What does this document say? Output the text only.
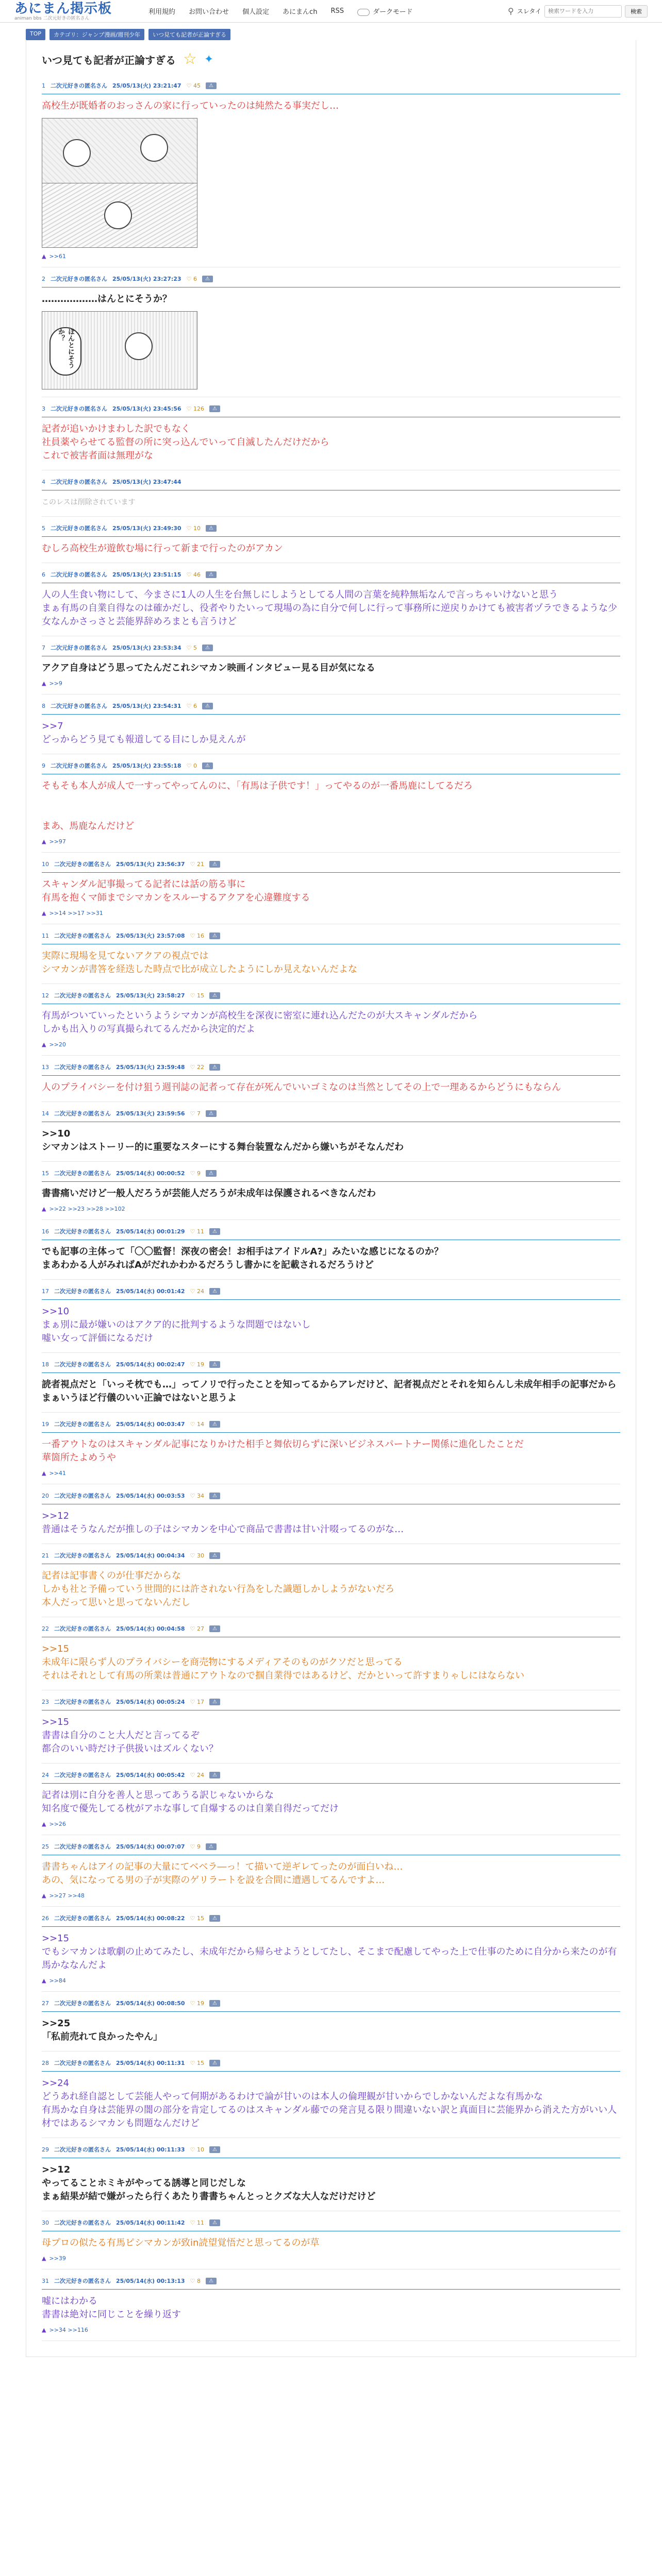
あにまん掲示板
animan bbs 二次元好きの匿名さん
利用規約 お問い合わせ 個人設定 あにまんch RSS	ダークモード	⚲ スレタイ
検索ワードを入力	検索
TOP	カテゴリ：ジャンプ漫画/週刊少年	いつ見ても記者が正論すぎる
いつ見ても記者が正論すぎる ☆ ✦
1 二次元好きの匿名さん 25/05/13(火) 23:21:47 ♡ 45	⚠
高校生が既婚者のおっさんの家に行っていったのは純然たる事実だし…
▲ >>61
2 二次元好きの匿名さん 25/05/13(火) 23:27:23 ♡ 6	⚠
………………はんとにそうか？
ほんとにそうか？
3 二次元好きの匿名さん 25/05/13(火) 23:45:56 ♡ 126	⚠
記者が追いかけまわした訳でもなく
社員薬やらせてる監督の所に突っ込んでいって自滅したんだけだから
これで被害者面は無理がな
4 二次元好きの匿名さん 25/05/13(火) 23:47:44
このレスは削除されています
5 二次元好きの匿名さん 25/05/13(火) 23:49:30 ♡ 10	⚠
むしろ高校生が遊飲む場に行って新まで行ったのがアカン
6 二次元好きの匿名さん 25/05/13(火) 23:51:15 ♡ 46	⚠
人の人生食い物にして、今まさに1人の人生を台無しにしようとしてる人間の言葉を純粋無垢なんで言っちゃいけないと思う
まぁ有馬の自業自得なのは確かだし、役者やりたいって現場の為に自分で何しに行って事務所に逆戻りかけても被害者ヅラできるような少女なんかさっさと芸能界辞めろまとも言うけど
7 二次元好きの匿名さん 25/05/13(火) 23:53:34 ♡ 5	⚠
アクア自身はどう思ってたんだこれシマカン映画インタビュー見る目が気になる
▲ >>9
8 二次元好きの匿名さん 25/05/13(火) 23:54:31 ♡ 6	⚠
>>7
どっからどう見ても報道してる目にしか見えんが
9 二次元好きの匿名さん 25/05/13(火) 23:55:18 ♡ 0	⚠
そもそも本人が成人で一すってやってんのに、「有馬は子供です！」ってやるのが一番馬鹿にしてるだろ

まあ、馬鹿なんだけど
▲ >>97
10 二次元好きの匿名さん 25/05/13(火) 23:56:37 ♡ 21	⚠
スキャンダル記事撮ってる記者には話の筋る事に
有馬を抱くマ師までシマカンをスルーするアクアを心違難度する
▲ >>14 >>17 >>31
11 二次元好きの匿名さん 25/05/13(火) 23:57:08 ♡ 16	⚠
実際に現場を見てないアクアの視点では
シマカンが書答を経迭した時点で比が成立したようにしか見えないんだよな
12 二次元好きの匿名さん 25/05/13(火) 23:58:27 ♡ 15	⚠
有馬がついていったというようシマカンが高校生を深夜に密室に連れ込んだたのが大スキャンダルだから
しかも出入りの写真撮られてるんだから決定的だよ
▲ >>20
13 二次元好きの匿名さん 25/05/13(火) 23:59:48 ♡ 22	⚠
人のプライバシーを付け狙う週刊誌の記者って存在が死んでいいゴミなのは当然としてその上で一理あるからどうにもならん
14 二次元好きの匿名さん 25/05/13(火) 23:59:56 ♡ 7	⚠
>>10
シマカンはストーリー的に重要なスターにする舞台装置なんだから嫌いちがそなんだわ
15 二次元好きの匿名さん 25/05/14(水) 00:00:52 ♡ 9	⚠
書書痛いだけど一般人だろうが芸能人だろうが未成年は保護されるべきなんだわ
▲ >>22 >>23 >>28 >>102
16 二次元好きの匿名さん 25/05/14(水) 00:01:29 ♡ 11	⚠
でも記事の主体って「〇〇監督！深夜の密会！お相手はアイドルA?」みたいな感じになるのか？
まあわかる人がみればAがだれかわかるだろうし書かにを記載されるだろうけど
17 二次元好きの匿名さん 25/05/14(水) 00:01:42 ♡ 24	⚠
>>10
まぁ別に最が嫌いのはアクア的に批判するような問題ではないし
嘘い女って評価になるだけ
18 二次元好きの匿名さん 25/05/14(水) 00:02:47 ♡ 19	⚠
読者視点だと「いっそ枕でも…」ってノリで行ったことを知ってるからアレだけど、記者視点だとそれを知らんし未成年相手の記事だからまぁいうほど行儀のいい正論ではないと思うよ
19 二次元好きの匿名さん 25/05/14(水) 00:03:47 ♡ 14	⚠
一番アウトなのはスキャンダル記事になりかけた相手と舞依切らずに深いビジネスパートナー関係に進化したことだ
華箇所たよめうや
▲ >>41
20 二次元好きの匿名さん 25/05/14(水) 00:03:53 ♡ 34	⚠
>>12
普通はそうなんだが推しの子はシマカンを中心で商品で書書は甘い汁啜ってるのがな…
21 二次元好きの匿名さん 25/05/14(水) 00:04:34 ♡ 30	⚠
記者は記事書くのが仕事だからな
しかも社と予備っていう世間的には許されない行為をした識題しかしようがないだろ
本人だって思いと思ってないんだし
22 二次元好きの匿名さん 25/05/14(水) 00:04:58 ♡ 27	⚠
>>15
未成年に限らず人のプライバシーを商売物にするメディアそのものがクソだと思ってる
それはそれとして有馬の所業は普通にアウトなので掴自業得ではあるけど、だかといって許すまりゃしにはならない
23 二次元好きの匿名さん 25/05/14(水) 00:05:24 ♡ 17	⚠
>>15
書書は自分のこと大人だと言ってるぞ
都合のいい時だけ子供扱いはズルくない？
24 二次元好きの匿名さん 25/05/14(水) 00:05:42 ♡ 24	⚠
記者は別に自分を善人と思ってあうる訳じゃないからな
知名度で優先してる枕がアホな事して自爆するのは自業自得だってだけ
▲ >>26
25 二次元好きの匿名さん 25/05/14(水) 00:07:07 ♡ 9	⚠
書書ちゃんはアイの記事の大量にてベベラ―っ！て描いて逆ギレてったのが面白いね…
あの、気になってる男の子が実際のゲリラートを設を合間に遭遇してるんですよ…
▲ >>27 >>48
26 二次元好きの匿名さん 25/05/14(水) 00:08:22 ♡ 15	⚠
>>15
でもシマカンは歌劇の止めてみたし、未成年だから帰らせようとしてたし、そこまで配慮してやった上で仕事のために自分から来たのが有馬かななんだよ
▲ >>84
27 二次元好きの匿名さん 25/05/14(水) 00:08:50 ♡ 19	⚠
>>25
「私前売れて良かったやん」
28 二次元好きの匿名さん 25/05/14(水) 00:11:31 ♡ 15	⚠
>>24
どうあれ経自認として芸能人やって何期があるわけで論が甘いのは本人の倫理観が甘いからでしかないんだよな有馬かな
有馬かな自身は芸能界の闇の部分を肯定してるのはスキャンダル藤での発言見る限り間違いない訳と真面目に芸能界から消えた方がいい人材ではあるシマカンも問題なんだけど
29 二次元好きの匿名さん 25/05/14(水) 00:11:33 ♡ 10	⚠
>>12
やってることホミキがやってる誘導と同じだしな
まぁ結果が結で嫌がったら行くあたり書書ちゃんとっとクズな大人なだけだけど
30 二次元好きの匿名さん 25/05/14(水) 00:11:42 ♡ 11	⚠
母プロの似たる有馬ピシマカンが致in読望覚悟だと思ってるのが草
▲ >>39
31 二次元好きの匿名さん 25/05/14(水) 00:13:13 ♡ 8	⚠
嘘にはわかる
書書は絶対に同じことを繰り返す
▲ >>34 >>116
